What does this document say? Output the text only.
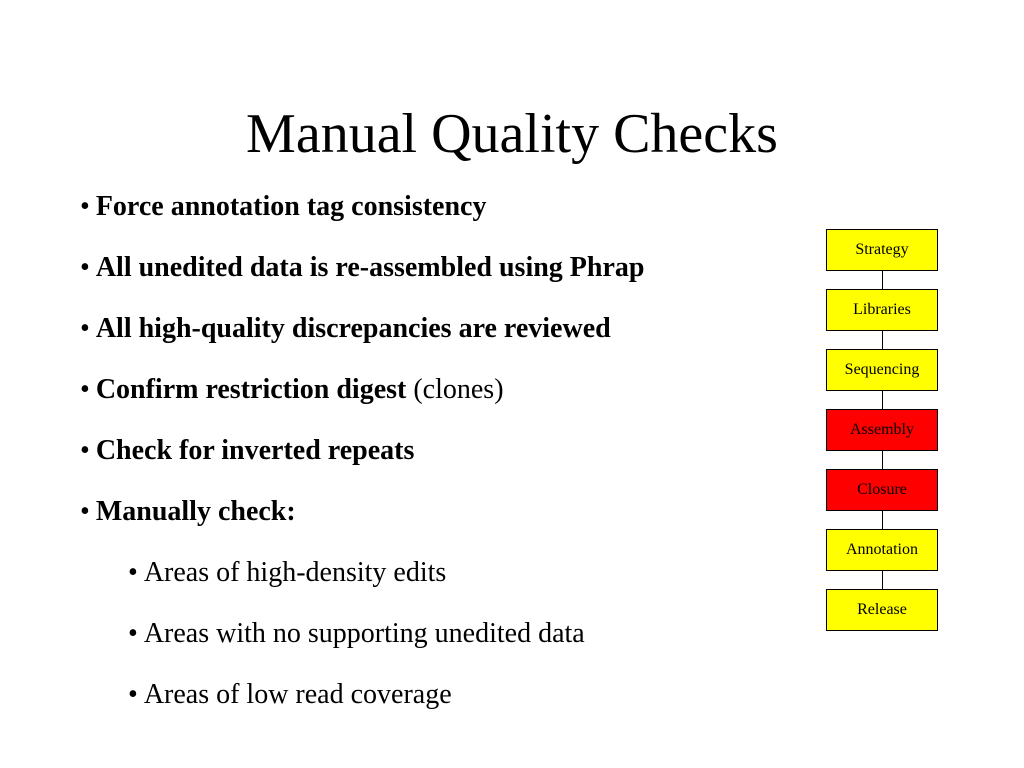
Manual Quality Checks
• Force annotation tag consistency
• All unedited data is re-assembled using Phrap
• All high-quality discrepancies are reviewed
• Confirm restriction digest (clones)
• Check for inverted repeats
• Manually check:
• Areas of high-density edits
• Areas with no supporting unedited data
• Areas of low read coverage
Strategy
Libraries
Sequencing
Assembly
Closure
Annotation
Release
